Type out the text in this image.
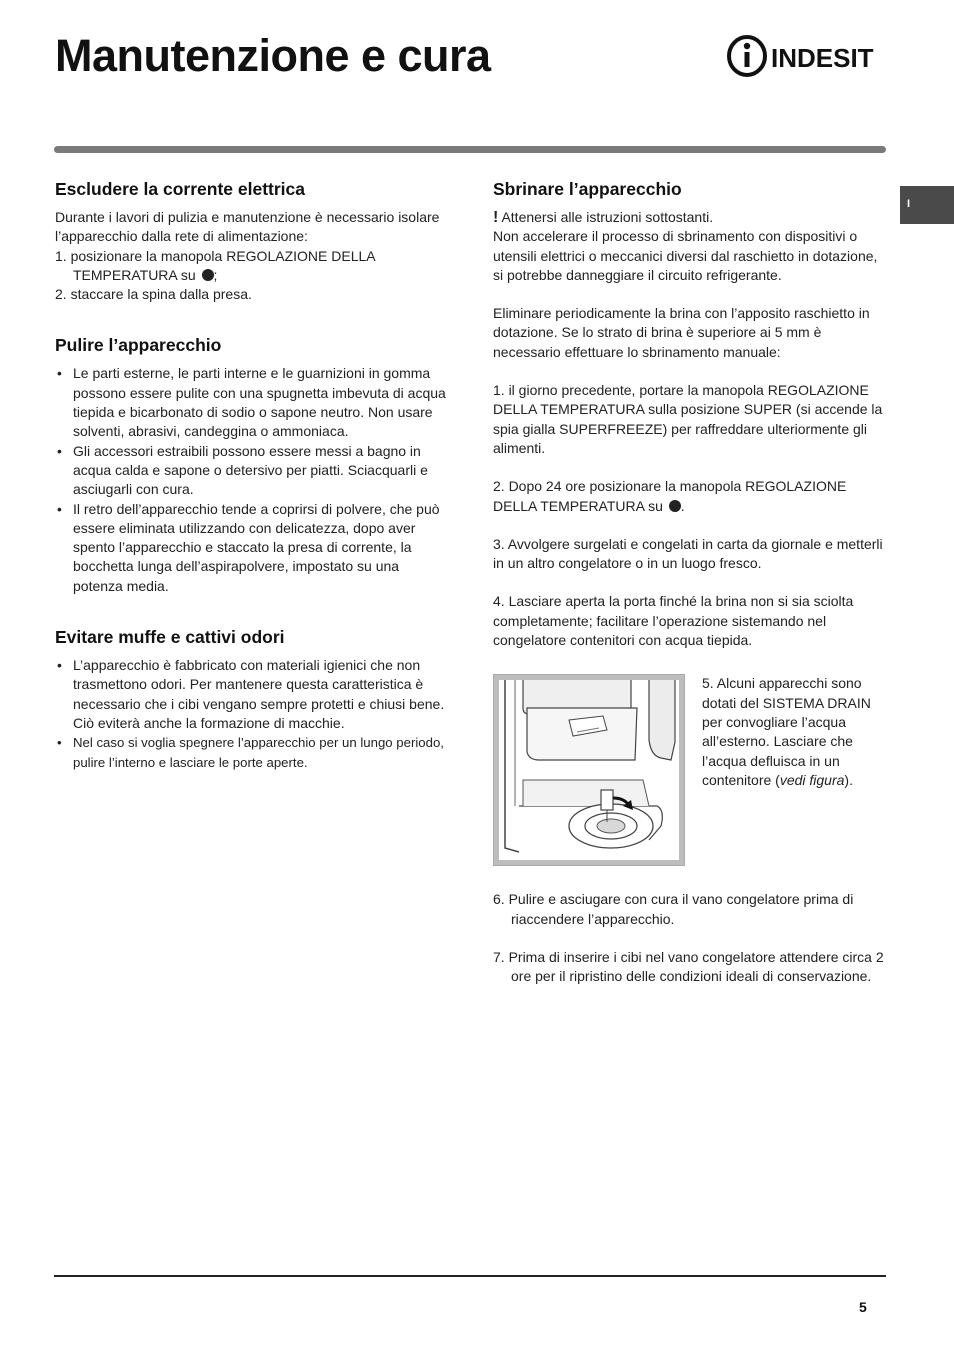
Manutenzione e cura	INDESIT
I
Escludere la corrente elettrica

Durante i lavori di pulizia e manutenzione è necessario isolare l’apparecchio dalla rete di alimentazione:

1. posizionare la manopola REGOLAZIONE DELLA TEMPERATURA su ;

2. staccare la spina dalla presa.

Pulire l’apparecchio
• Le parti esterne, le parti interne e le guarnizioni in gomma possono essere pulite con una spugnetta imbevuta di acqua tiepida e bicarbonato di sodio o sapone neutro. Non usare solventi, abrasivi, candeggina o ammoniaca.
• Gli accessori estraibili possono essere messi a bagno in acqua calda e sapone o detersivo per piatti. Sciacquarli e asciugarli con cura.
• Il retro dell’apparecchio tende a coprirsi di polvere, che può essere eliminata utilizzando con delicatezza, dopo aver spento l’apparecchio e staccato la presa di corrente, la bocchetta lunga dell’aspirapolvere, impostato su una potenza media.
Evitare muffe e cattivi odori
• L’apparecchio è fabbricato con materiali igienici che non trasmettono odori. Per mantenere questa caratteristica è necessario che i cibi vengano sempre protetti e chiusi bene. Ciò eviterà anche la formazione di macchie.
• Nel caso si voglia spegnere l’apparecchio per un lungo periodo, pulire l’interno e lasciare le porte aperte.
Sbrinare l’apparecchio

! Attenersi alle istruzioni sottostanti.

Non accelerare il processo di sbrinamento con dispositivi o utensili elettrici o meccanici diversi dal raschietto in dotazione, si potrebbe danneggiare il circuito refrigerante.

Eliminare periodicamente la brina con l’apposito raschietto in dotazione. Se lo strato di brina è superiore ai 5 mm è necessario effettuare lo sbrinamento manuale:

1. il giorno precedente, portare la manopola REGOLAZIONE DELLA TEMPERATURA sulla posizione SUPER (si accende la spia gialla SUPERFREEZE) per raffreddare ulteriormente gli alimenti.

2. Dopo 24 ore posizionare la manopola REGOLAZIONE DELLA TEMPERATURA su .

3. Avvolgere surgelati e congelati in carta da giornale e metterli in un altro congelatore o in un luogo fresco.

4. Lasciare aperta la porta finché la brina non si sia sciolta completamente; facilitare l’operazione sistemando nel congelatore contenitori con acqua tiepida.

5. Alcuni apparecchi sono dotati del SISTEMA DRAIN per convogliare l’acqua all’esterno. Lasciare che l’acqua defluisca in un contenitore (vedi figura).

6. Pulire e asciugare con cura il vano congelatore prima di riaccendere l’apparecchio.

7. Prima di inserire i cibi nel vano congelatore attendere circa 2 ore per il ripristino delle condizioni ideali di conservazione.

5
